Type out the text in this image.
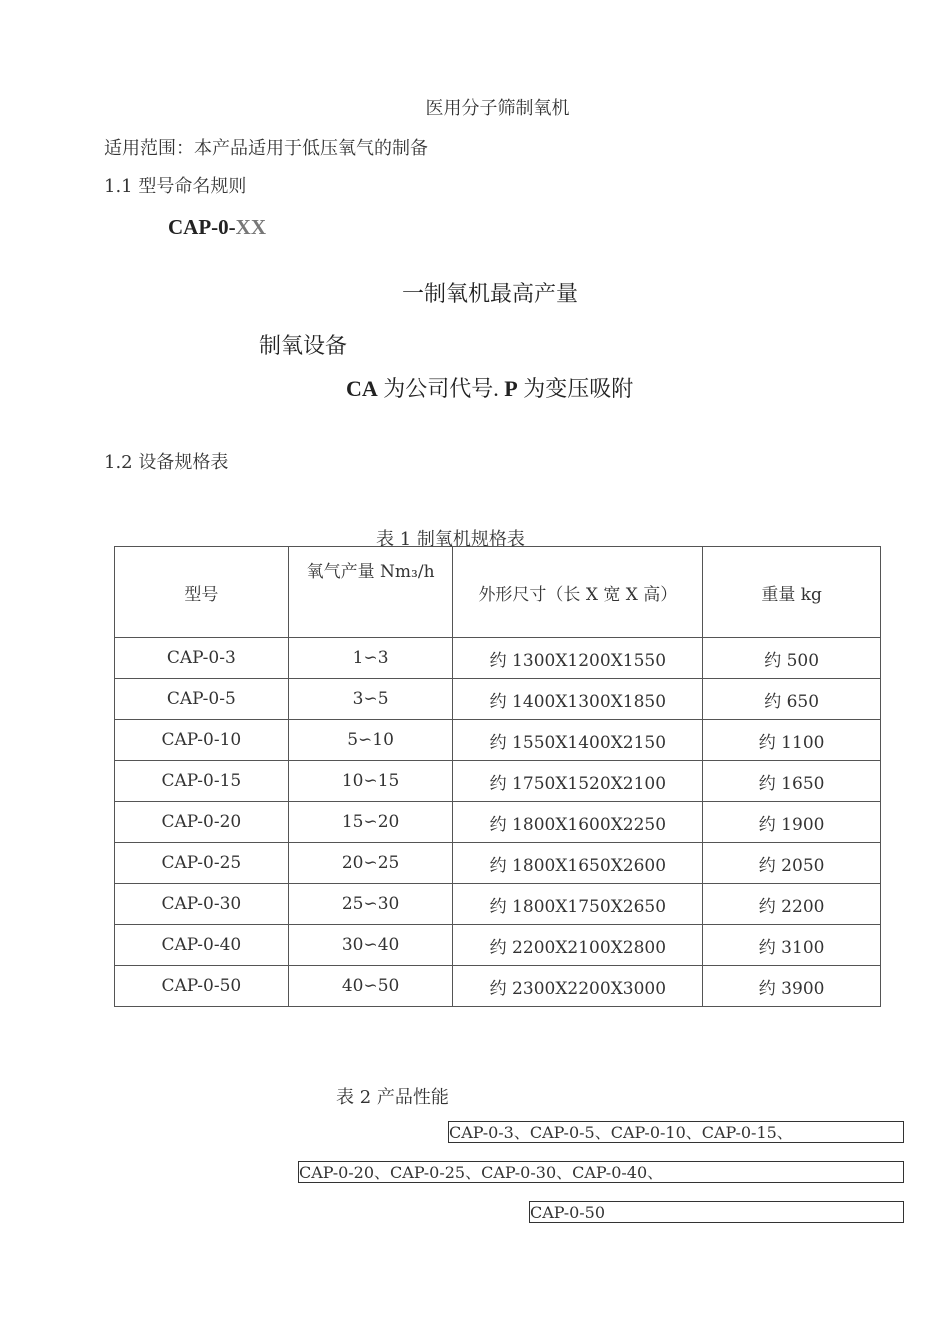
医用分子筛制氧机
适用范围：本产品适用于低压氧气的制备
1.1 型号命名规则
CAP-0-XX
一制氧机最高产量
制氧设备
CA 为公司代号. P 为变压吸附
1.2 设备规格表
表 1 制氧机规格表
型号	氧气产量 Nm₃/h	外形尺寸（长 X 宽 X 高）	重量 kg
CAP-0-3	1∽3	约 1300X1200X1550	约 500
CAP-0-5	3∽5	约 1400X1300X1850	约 650
CAP-0-10	5∽10	约 1550X1400X2150	约 1100
CAP-0-15	10∽15	约 1750X1520X2100	约 1650
CAP-0-20	15∽20	约 1800X1600X2250	约 1900
CAP-0-25	20∽25	约 1800X1650X2600	约 2050
CAP-0-30	25∽30	约 1800X1750X2650	约 2200
CAP-0-40	30∽40	约 2200X2100X2800	约 3100
CAP-0-50	40∽50	约 2300X2200X3000	约 3900
表 2 产品性能
CAP-0-3、CAP-0-5、CAP-0-10、CAP-0-15、
CAP-0-20、CAP-0-25、CAP-0-30、CAP-0-40、
CAP-0-50
